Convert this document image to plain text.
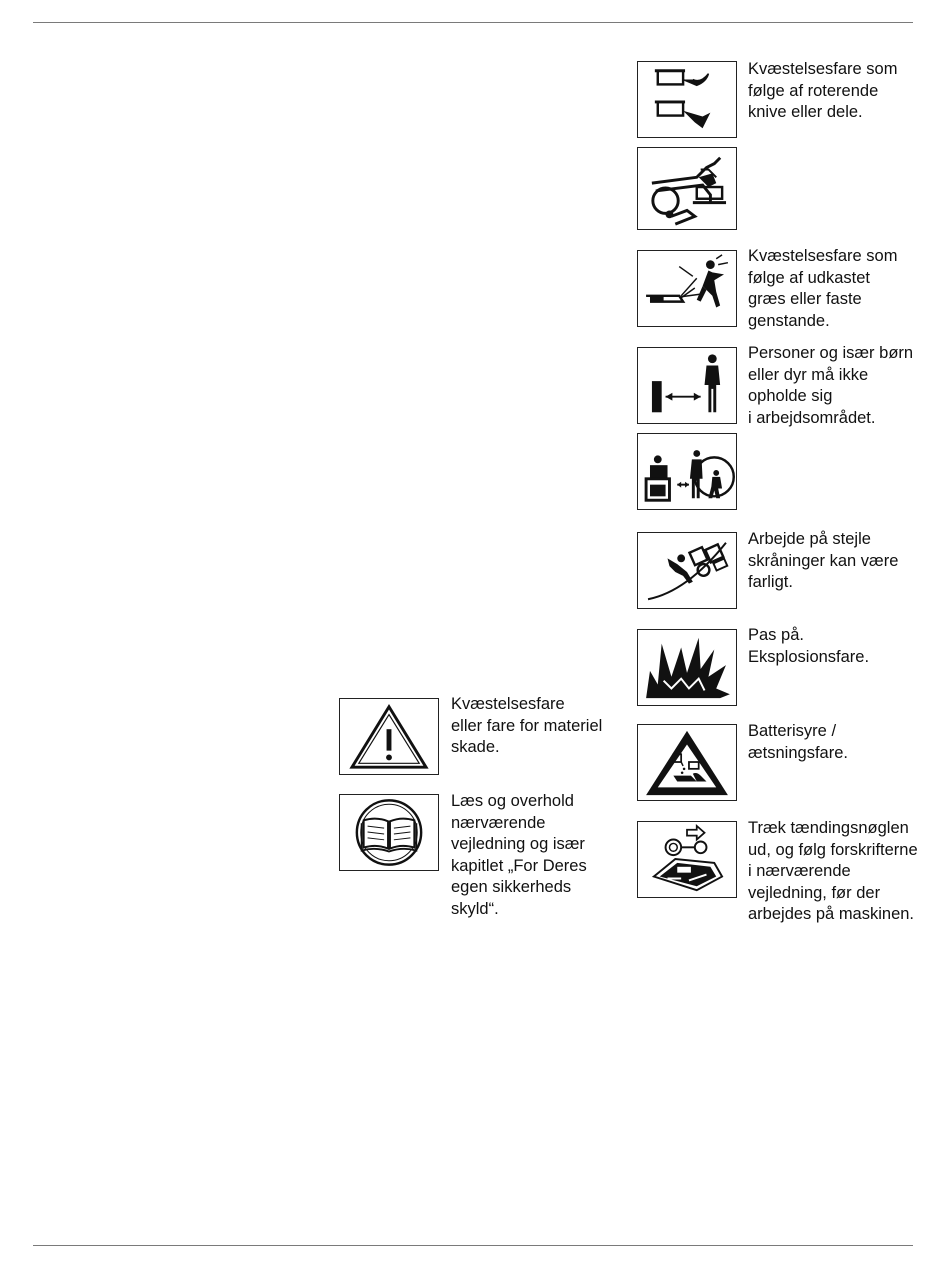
Kvæstelsesfare
eller fare for materiel
skade.
Læs og overhold
nærværende
vejledning og især
kapitlet „For Deres
egen sikkerheds
skyld“.
Kvæstelsesfare som
følge af roterende
knive eller dele.
Kvæstelsesfare som
følge af udkastet
græs eller faste
genstande.
Personer og især børn
eller dyr må ikke
opholde sig
i arbejdsområdet.
Arbejde på stejle
skråninger kan være
farligt.
Pas på.
Eksplosionsfare.
Batterisyre /
ætsningsfare.
Træk tændingsnøglen
ud, og følg forskrifterne
i nærværende
vejledning, før der
arbejdes på maskinen.
